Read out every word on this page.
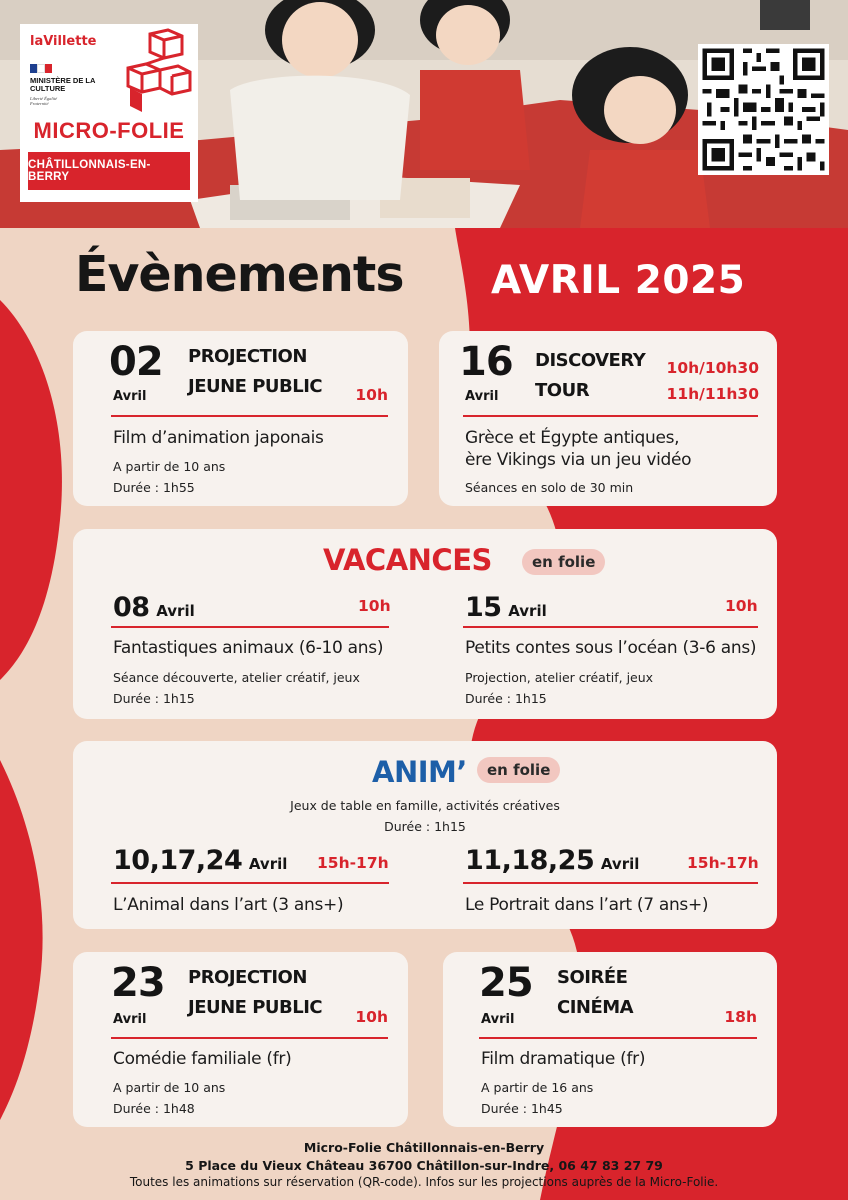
laVillette
MINISTÈRE DE LA CULTURE
Liberté Égalité Fraternité
MICRO-FOLIE
CHÂTILLONNAIS-EN-BERRY
Évènements AVRIL 2025
02
Avril
PROJECTION
JEUNE PUBLIC 10h
Film d’animation japonais
A partir de 10 ans
Durée : 1h55
16
Avril
DISCOVERY
TOUR
10h/10h30
11h/11h30
Grèce et Égypte antiques,
ère Vikings via un jeu vidéo
Séances en solo de 30 min
VACANCES	en folie
08 Avril	10h
Fantastiques animaux (6-10 ans)
Séance découverte, atelier créatif, jeux
Durée : 1h15
15 Avril	10h
Petits contes sous l’océan (3-6 ans)
Projection, atelier créatif, jeux
Durée : 1h15
ANIM’	en folie
Jeux de table en famille, activités créatives
Durée : 1h15
10,17,24 Avril 15h-17h
L’Animal dans l’art (3 ans+)
11,18,25 Avril	15h-17h
Le Portrait dans l’art (7 ans+)
23
Avril
PROJECTION
JEUNE PUBLIC 10h
Comédie familiale (fr)
A partir de 10 ans
Durée : 1h48
25
Avril
SOIRÉE
CINÉMA	18h
Film dramatique (fr)
A partir de 16 ans
Durée : 1h45
Micro-Folie Châtillonnais-en-Berry
5 Place du Vieux Château 36700 Châtillon-sur-Indre, 06 47 83 27 79
Toutes les animations sur réservation (QR-code). Infos sur les projections auprès de la Micro-Folie.
